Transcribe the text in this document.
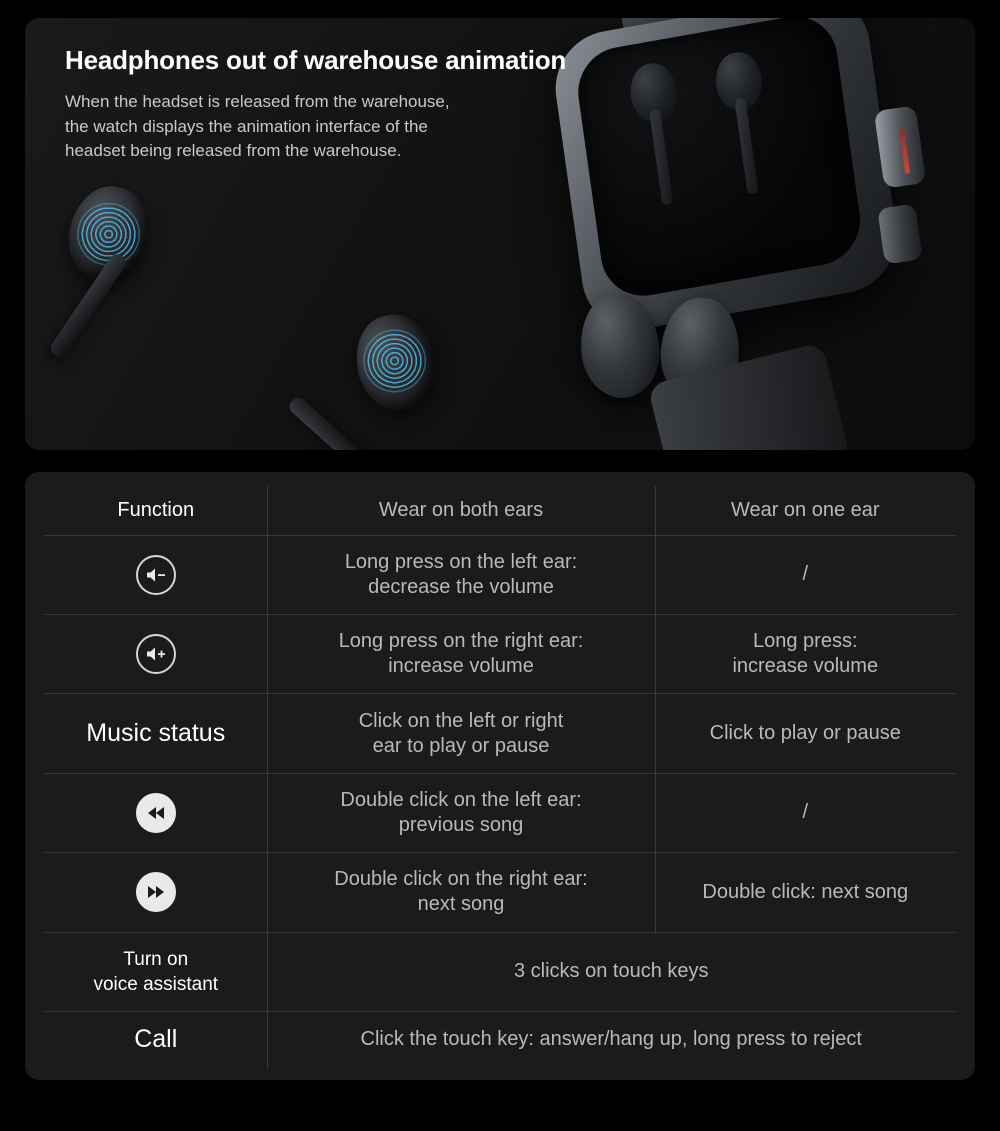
Headphones out of warehouse animation

When the headset is released from the warehouse,
the watch displays the animation interface of the
headset being released from the warehouse.

Function	Wear on both ears	Wear on one ear

	Long press on the left ear:
decrease the volume	/

	Long press on the right ear:
increase volume	Long press:
increase volume
Music status	Click on the left or right
ear to play or pause	Click to play or pause

	Double click on the left ear:
previous song	/

	Double click on the right ear:
next song	Double click: next song
Turn on
voice assistant	3 clicks on touch keys	
Call	Click the touch key: answer/hang up, long press to reject	
